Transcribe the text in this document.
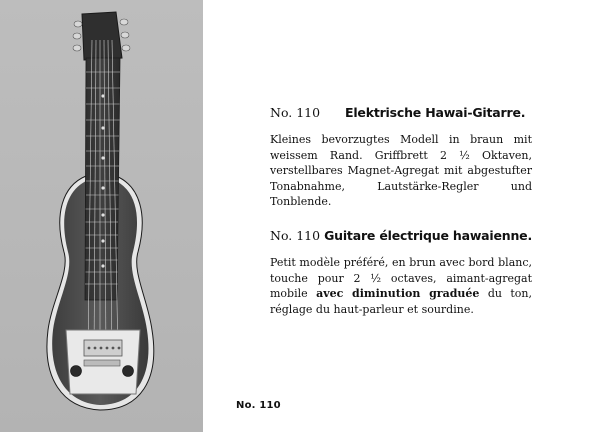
No. 110
No. 110	Elektrische Hawai-Gitarre.
Kleines bevorzugtes Modell in braun mit weissem Rand. Griffbrett 2 ½ Oktaven, verstellbares Magnet-Agregat mit abgestufter Tonabnahme, Lautstärke-Regler und Tonblende.
No. 110 Guitare électrique hawaienne.
Petit modèle préféré, en brun avec bord blanc, touche pour 2 ½ octaves, aimant-agregat mobile avec diminution graduée du ton, réglage du haut-parleur et sourdine.
